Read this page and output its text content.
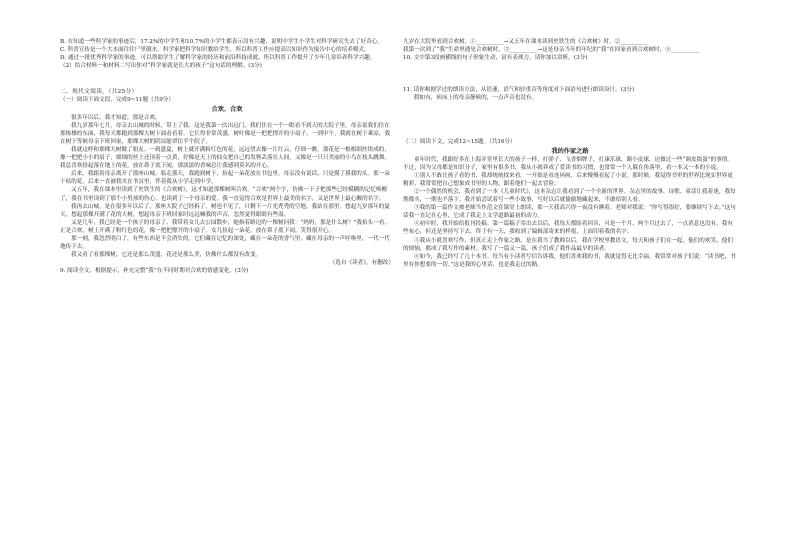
B. 在知道一些科学家的事迹后，17.2%的中学生和10.7%的小学生都表示没有兴趣，说明中学生小学生对科学研究失去了好奇心。

C. 科普宣传是一个大水面往往尸里倒水，科学家把科学知识教给学生，所以科普工作应提高以知识作为报告中心的培养模式。

D. 通过一批优秀科学家的事迹，可以帮助学生了解科学家的经历和前沿科技成就，所以科普工作提升了少年儿童培养科学兴趣。

（2）结合材料一和材料二写出你对“科学家就是长大的孩子”这句话的理解。(3分)

二、现代文阅读。（共25分）

（一）阅读下面文段，完成9~11题（共9分）

合欢、合欢

很多年以后，我才知道，那是合欢。

我九岁那年七月，母亲去山城的时候，带上了我。这是我第一次出远门。我们住在一个一眼看不到天的大院子里，母亲说我们住在那栋楼的东面，我每天都跑到那棵大树下面看看着。它长得非常茂盛，树叶像是一把把撑开的小扇子，一到中午，我就在树下乘凉，我在树下等候母亲下班回家，那棵大树的阴凉能罩住半个院子。

我就这样和那棵大树做了朋友。一到盛夏，树上就开满粉红色的花，远远望去像一片红云。仔细一瞧，那花是一根根细丝组成的，像一把把小小的扇子，细细的丝上还顶着一点黄，好像是天上的仙女把自己的发簪丢落在人间，又像是一只只美丽的小鸟在枝头跳舞。我总喜欢捡起落在地上的花，放在鼻子底下闻，那淡淡的香味总让我感到莫名的开心。

后来，我跟着母亲离开了那座山城。临走那天，我跑到树下，捡起一朵花放在书包里。母亲没有说话，只是摸了摸我的头。那一朵干枯的花，后来一直被我夹在书页里，伴着我从小学走到中学。

又五年，我在课本里读到了史铁生的《合欢树》，这才知道那棵树叫合欢。“合欢”两个字，仿佛一下子把那些已经模糊的记忆唤醒了，我在书里读到了那个小男孩的伤心，也读到了一个母亲的爱。我一直觉得合欢是世界上最美的名字，又是世界上最心酸的名字。

我再去山城，是在很多年以后了。那座大院子已经拆了，树也不见了，只剩下一片光秃秃的空地。我站在那里，想起九岁那年的夏天，想起那棵开满了花的大树，想起母亲下班回家时远远喊我的声音，忽然觉得眼睛有些湿。

又是几年，我已经是一个孩子的母亲了。我带着女儿去公园散步，她指着路边的一棵树问我：“妈妈，那是什么树？”我抬头一看，正是合欢。树上开满了粉红色的花，像一把把撑开的小扇子。女儿捡起一朵花，放在鼻子底下闻，笑得很开心。

那一刻，我忽然明白了，有些东西是不会消失的。它们藏在记忆的深处，藏在一朵花的香气里，藏在母亲的一声呼唤里，一代一代地传下去。

我又看了看那棵树，它还是那么茂盛，花还是那么美，仿佛什么都没有改变。

（选自《读者》，有删改）

9. 阅读全文，根据提示，补充完整“我”在不同时期对合欢的情感变化。(3分)

九岁在大院里看到合欢树，①__________→又五年在课本读到史铁生的《合欢树》时，②__________

我第一次到了“我”生命里遇见合欢树时，③__________→这是母亲当年的年纪的“我”在回家看到合欢树时，④__________

10. 文中第3段画横线的句子形象生动，富有表现力，请你加以赏析。(3分)

11. 请你根据学过的朗读方法，从语速、语气和轻重音等角度对下面语句进行朗读设计。(3分)

假如有，病床上的母亲静候的，一点声音也没有。

（二）阅读下文，完成12~15题。（共16分）

我的作家之路

童年时代，我跟好多在上海弄堂里长大的孩子一样，打弹子、飞香烟牌子，打康乐球，踢小皮球，还做过一些“调皮捣蛋”的事情。不过，因为父母都是知识分子，家里有很多书，我从小就养成了爱读书的习惯，也常常一个人躲在角落里，看一本又一本的小说。

①别人不敢让孩子看的书，我却统统找来看。一开始是看连环画，后来慢慢看起了小说。那时候，我觉得书里的世界比现实世界更精彩，我常常把自己想象成书里的人物，跟着他们一起去冒险。

②一个偶然的机会，我看到了一本《儿童时代》，这本杂志让我看到了一个全新的世界。杂志里的故事、诗歌、童话让我着迷，我每期都买，一期也不落下。我开始尝试着写一些小故事，写好以后就偷偷地藏起来，不敢给别人看。

③我的第一篇作文被老师当作范文在课堂上朗读，那一天我高兴得一夜没有睡着。老师对我说：“你写得很好，要继续写下去。”这句话我一直记在心里，它成了我走上文学道路最初的动力。

④初中时，我开始给报刊投稿。第一篇稿子寄出去以后，我每天都盼着回音，可是一个月、两个月过去了，一点消息也没有。我有些灰心，但还是坚持写下去。终于有一天，我收到了编辑部寄来的样报，上面印着我的名字。

⑤我从小就喜欢写作，但真正走上作家之路，是在我当了教师以后。我在学校里教语文，每天和孩子们在一起，他们的欢笑、他们的烦恼，都成了我写作的素材。我写了一篇又一篇，孩子们成了我作品最早的读者。

⑥如今，我已经写了几十本书。每当有小读者写信告诉我，他们喜欢我的书，我就觉得无比幸福。我常常对孩子们说：“读书吧，书里有你想要的一切。”这是我的心里话，也是我走过的路。
